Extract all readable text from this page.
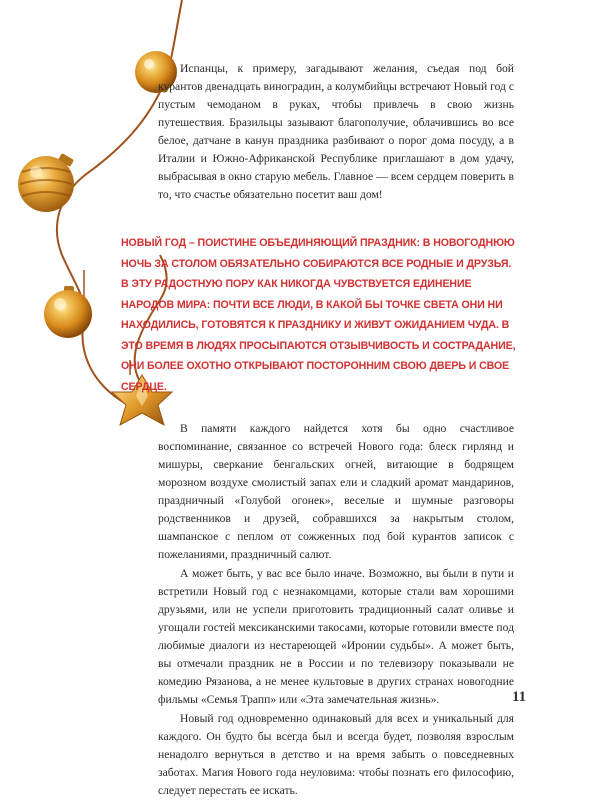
Испанцы, к примеру, загадывают желания, съедая под бой курантов двенадцать виноградин, а колумбийцы встречают Новый год с пустым чемоданом в руках, чтобы привлечь в свою жизнь путешествия. Бразильцы зазывают благополучие, облачившись во все белое, датчане в канун праздника разбивают о порог дома посуду, а в Италии и Южно-Африканской Республике приглашают в дом удачу, выбрасывая в окно старую мебель. Главное — всем сердцем поверить в то, что счастье обязательно посетит ваш дом!

НОВЫЙ ГОД – ПОИСТИНЕ ОБЪЕДИНЯЮЩИЙ ПРАЗДНИК: В НОВОГОДНЮЮ НОЧЬ ЗА СТОЛОМ ОБЯЗАТЕЛЬНО СОБИРАЮТСЯ ВСЕ РОДНЫЕ И ДРУЗЬЯ. В ЭТУ РАДОСТНУЮ ПОРУ КАК НИКОГДА ЧУВСТВУЕТСЯ ЕДИНЕНИЕ НАРОДОВ МИРА: ПОЧТИ ВСЕ ЛЮДИ, В КАКОЙ БЫ ТОЧКЕ СВЕТА ОНИ НИ НАХОДИЛИСЬ, ГОТОВЯТСЯ К ПРАЗДНИКУ И ЖИВУТ ОЖИДАНИЕМ ЧУДА. В ЭТО ВРЕМЯ В ЛЮДЯХ ПРОСЫПАЮТСЯ ОТЗЫВЧИВОСТЬ И СОСТРАДАНИЕ, ОНИ БОЛЕЕ ОХОТНО ОТКРЫВАЮТ ПОСТОРОННИМ СВОЮ ДВЕРЬ И СВОЕ СЕРДЦЕ.

В памяти каждого найдется хотя бы одно счастливое воспоминание, связанное со встречей Нового года: блеск гирлянд и мишуры, сверкание бенгальских огней, витающие в бодрящем морозном воздухе смолистый запах ели и сладкий аромат мандаринов, праздничный «Голубой огонек», веселые и шумные разговоры родственников и друзей, собравшихся за накрытым столом, шампанское с пеплом от сожженных под бой курантов записок с пожеланиями, праздничный салют.

А может быть, у вас все было иначе. Возможно, вы были в пути и встретили Новый год с незнакомцами, которые стали вам хорошими друзьями, или не успели приготовить традиционный салат оливье и угощали гостей мексиканскими такосами, которые готовили вместе под любимые диалоги из нестареющей «Иронии судьбы». А может быть, вы отмечали праздник не в России и по телевизору показывали не комедию Рязанова, а не менее культовые в других странах новогодние фильмы «Семья Трапп» или «Эта замечательная жизнь».

Новый год одновременно одинаковый для всех и уникальный для каждого. Он будто бы всегда был и всегда будет, позволяя взрослым ненадолго вернуться в детство и на время забыть о повседневных заботах. Магия Нового года неуловима: чтобы познать его философию, следует перестать ее искать.

11
